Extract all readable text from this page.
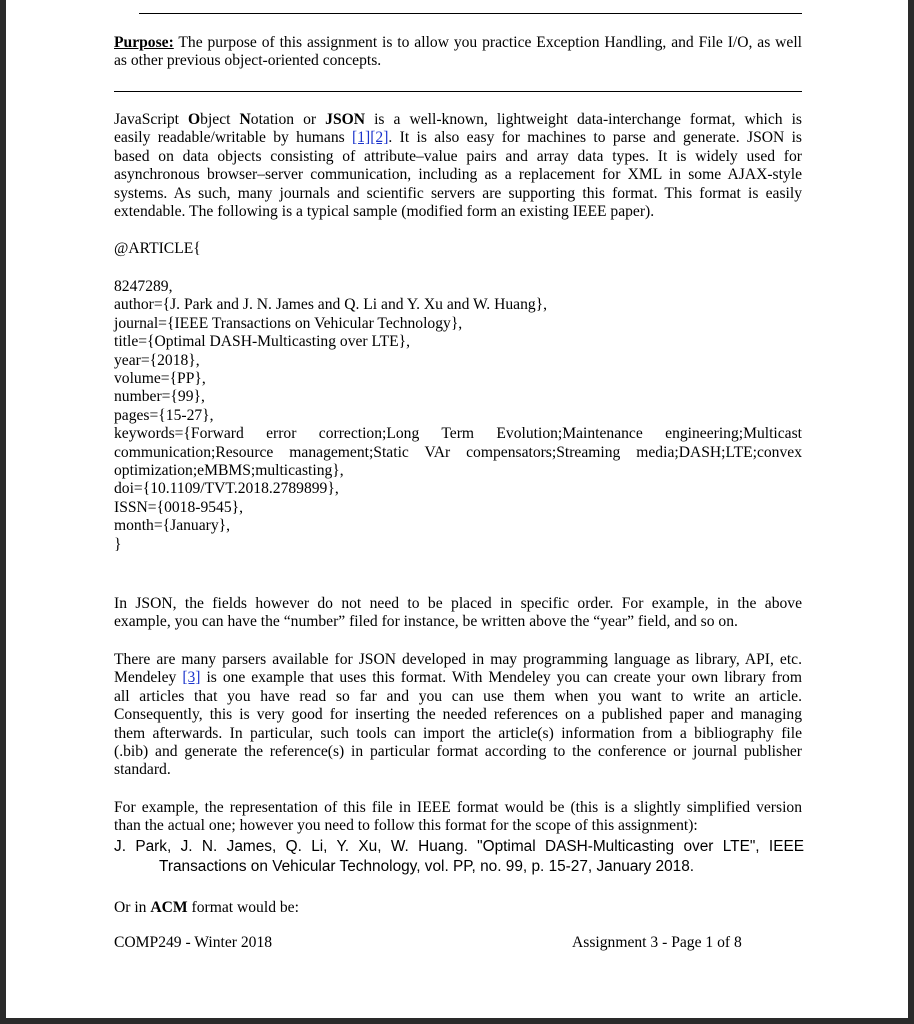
Purpose: The purpose of this assignment is to allow you practice Exception Handling, and File I/O, as well as other previous object-oriented concepts.

JavaScript Object Notation or JSON is a well-known, lightweight data-interchange format, which is
easily readable/writable by humans [1][2]. It is also easy for machines to parse and generate. JSON is
based on data objects consisting of attribute–value pairs and array data types. It is widely used for
asynchronous browser–server communication, including as a replacement for XML in some AJAX-style
systems. As such, many journals and scientific servers are supporting this format. This format is easily
extendable. The following is a typical sample (modified form an existing IEEE paper).
@ARTICLE{
8247289,
author={J. Park and J. N. James and Q. Li and Y. Xu and W. Huang},
journal={IEEE Transactions on Vehicular Technology},
title={Optimal DASH-Multicasting over LTE},
year={2018},
volume={PP},
number={99},
pages={15-27},
keywords={Forward error correction;Long Term Evolution;Maintenance engineering;Multicast
communication;Resource management;Static VAr compensators;Streaming media;DASH;LTE;convex
optimization;eMBMS;multicasting},
doi={10.1109/TVT.2018.2789899},
ISSN={0018-9545},
month={January},
}
In JSON, the fields however do not need to be placed in specific order. For example, in the above
example, you can have the “number” filed for instance, be written above the “year” field, and so on.
There are many parsers available for JSON developed in may programming language as library, API, etc.
Mendeley [3] is one example that uses this format. With Mendeley you can create your own library from
all articles that you have read so far and you can use them when you want to write an article.
Consequently, this is very good for inserting the needed references on a published paper and managing
them afterwards. In particular, such tools can import the article(s) information from a bibliography file
(.bib) and generate the reference(s) in particular format according to the conference or journal publisher
standard.
For example, the representation of this file in IEEE format would be (this is a slightly simplified version
than the actual one; however you need to follow this format for the scope of this assignment):
J. Park, J. N. James, Q. Li, Y. Xu, W. Huang. "Optimal DASH-Multicasting over LTE", IEEE
Transactions on Vehicular Technology, vol. PP, no. 99, p. 15-27, January 2018.
Or in ACM format would be:
COMP249 - Winter 2018	Assignment 3 - Page 1 of 8
